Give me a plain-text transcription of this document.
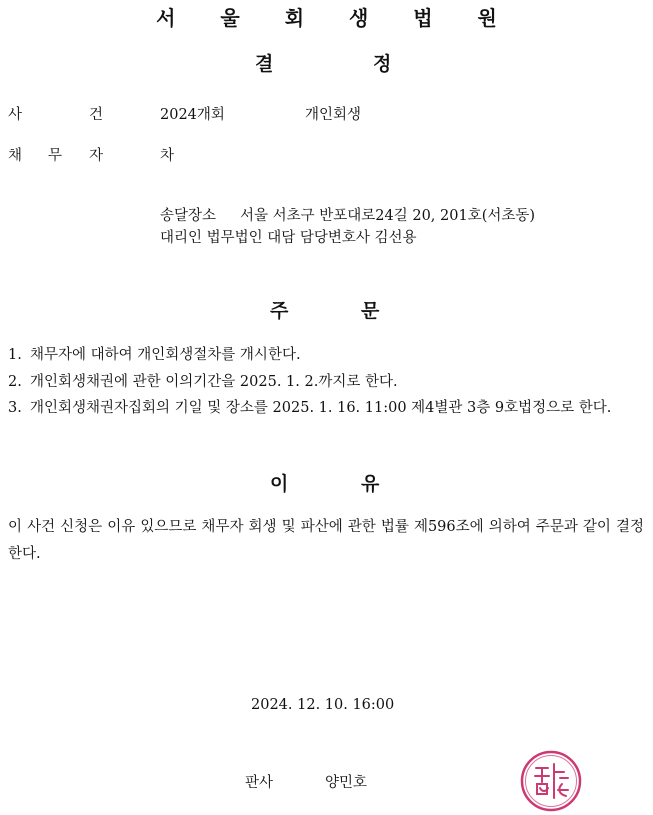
서 울 회 생 법 원
결	정
사	건	2024개회	개인회생
채 무 자	차
송달장소 서울 서초구 반포대로24길 20, 201호(서초동)
대리인 법무법인 대담 담당변호사 김선용
주	문
1. 채무자에 대하여 개인회생절차를 개시한다.
2. 개인회생채권에 관한 이의기간을 2025. 1. 2.까지로 한다.
3. 개인회생채권자집회의 기일 및 장소를 2025. 1. 16. 11:00 제4별관 3층 9호법정으로 한다.
이	유
이 사건 신청은 이유 있으므로 채무자 회생 및 파산에 관한 법률 제596조에 의하여 주문과 같이 결정한다.
2024. 12. 10. 16:00
판사	양민호
